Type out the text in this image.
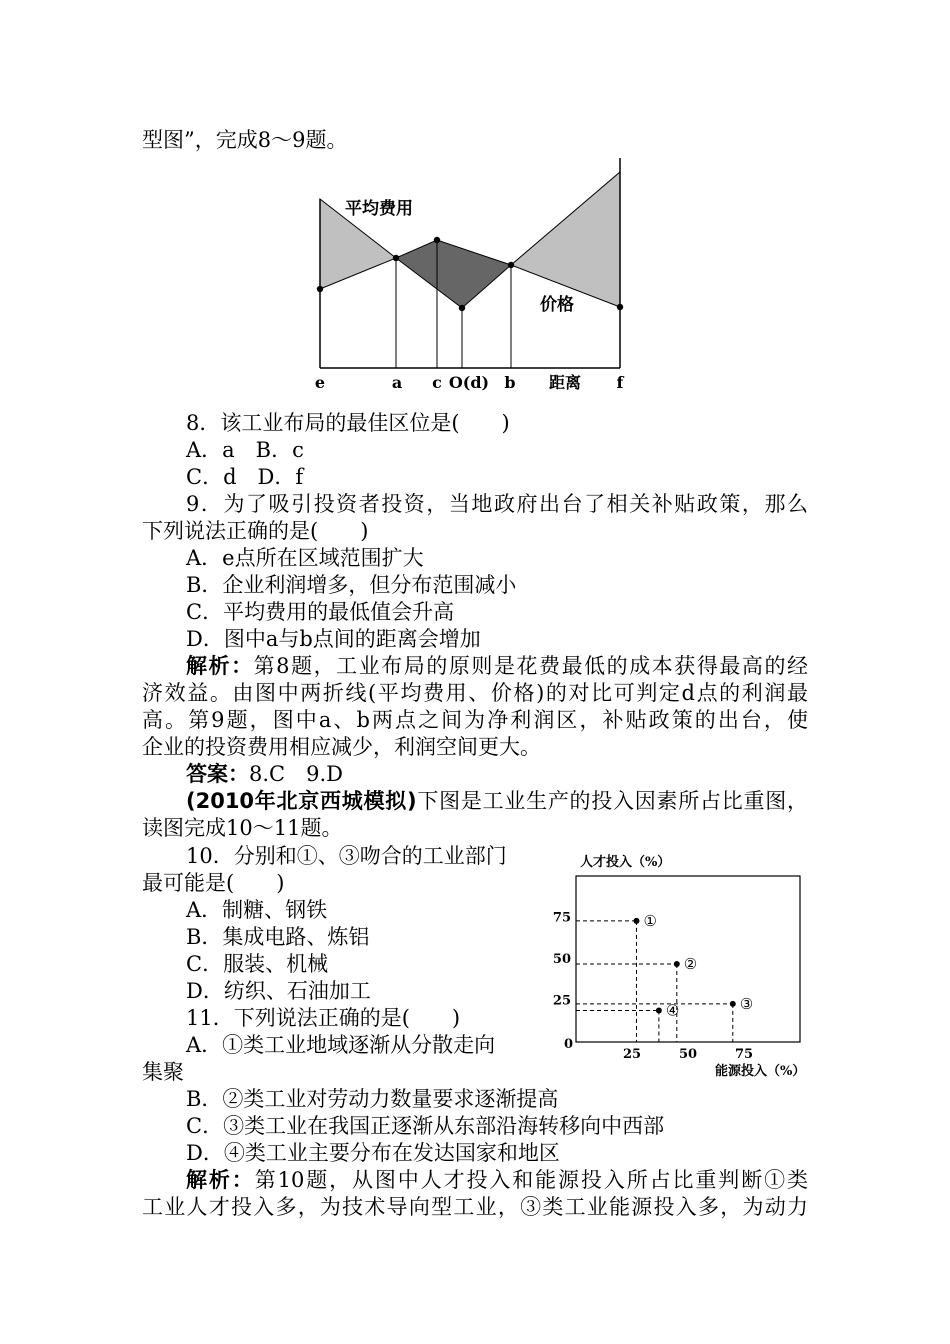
型图”，完成8～9题。
平均费用
价格
e	a c O(d) b 距离 f
8．该工业布局的最佳区位是(　　)
A．a　B．c
C．d　D．f
9．为了吸引投资者投资，当地政府出台了相关补贴政策，那么
下列说法正确的是(　　)
A．e点所在区域范围扩大
B．企业利润增多，但分布范围减小
C．平均费用的最低值会升高
D．图中a与b点间的距离会增加
解析：第8题，工业布局的原则是花费最低的成本获得最高的经
济效益。由图中两折线(平均费用、价格)的对比可判定d点的利润最
高。第9题，图中a、b两点之间为净利润区，补贴政策的出台，使
企业的投资费用相应减少，利润空间更大。
答案：8.C　9.D
(2010年北京西城模拟)下图是工业生产的投入因素所占比重图，
读图完成10～11题。
10．分别和①、③吻合的工业部门
最可能是(　　)
A．制糖、钢铁
B．集成电路、炼铝
C．服装、机械
D．纺织、石油加工
11．下列说法正确的是(　　)
A．①类工业地域逐渐从分散走向
集聚
B．②类工业对劳动力数量要求逐渐提高
C．③类工业在我国正逐渐从东部沿海转移向中西部
D．④类工业主要分布在发达国家和地区
解析：第10题，从图中人才投入和能源投入所占比重判断①类
工业人才投入多，为技术导向型工业，③类工业能源投入多，为动力
25	50	75
75
50
25
①
②
③
④
人才投入（%）
能源投入（%）
0
